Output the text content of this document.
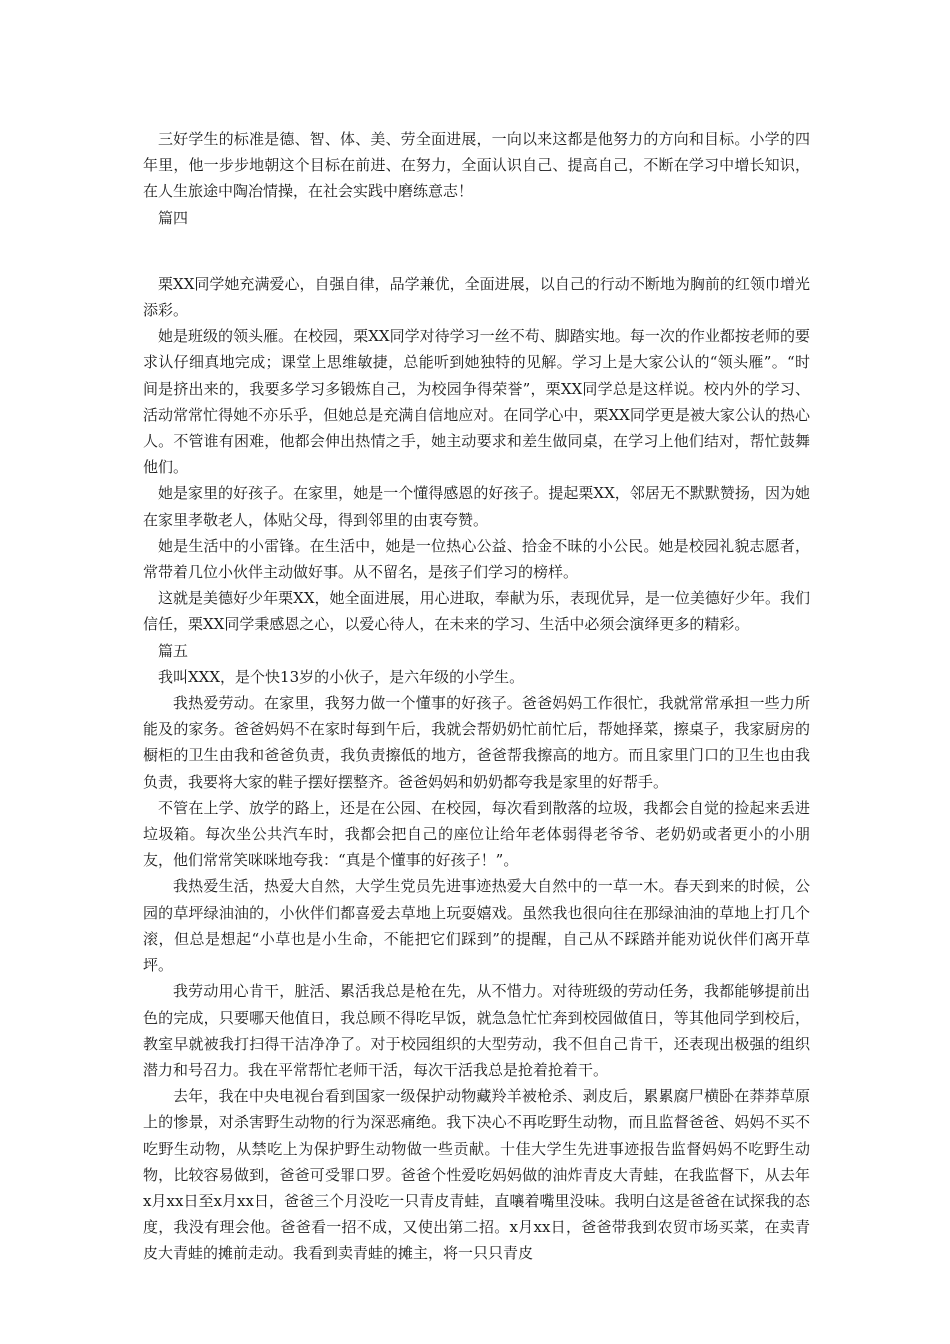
三好学生的标准是德、智、体、美、劳全面进展，一向以来这都是他努力的方向和目标。小学的四年里，他一步步地朝这个目标在前进、在努力，全面认识自己、提高自己，不断在学习中增长知识，在人生旅途中陶冶情操，在社会实践中磨练意志！

篇四

栗XX同学她充满爱心，自强自律，品学兼优，全面进展，以自己的行动不断地为胸前的红领巾增光添彩。

她是班级的领头雁。在校园，栗XX同学对待学习一丝不苟、脚踏实地。每一次的作业都按老师的要求认仔细真地完成；课堂上思维敏捷，总能听到她独特的见解。学习上是大家公认的“领头雁”。“时间是挤出来的，我要多学习多锻炼自己，为校园争得荣誉”，栗XX同学总是这样说。校内外的学习、活动常常忙得她不亦乐乎，但她总是充满自信地应对。在同学心中，栗XX同学更是被大家公认的热心人。不管谁有困难，他都会伸出热情之手，她主动要求和差生做同桌，在学习上他们结对，帮忙鼓舞他们。

她是家里的好孩子。在家里，她是一个懂得感恩的好孩子。提起栗XX，邻居无不默默赞扬，因为她在家里孝敬老人，体贴父母，得到邻里的由衷夸赞。

她是生活中的小雷锋。在生活中，她是一位热心公益、拾金不昧的小公民。她是校园礼貌志愿者，常带着几位小伙伴主动做好事。从不留名，是孩子们学习的榜样。

这就是美德好少年栗XX，她全面进展，用心进取，奉献为乐，表现优异，是一位美德好少年。我们信任，栗XX同学秉感恩之心，以爱心待人，在未来的学习、生活中必须会演绎更多的精彩。

篇五

我叫XXX，是个快13岁的小伙子，是六年级的小学生。

我热爱劳动。在家里，我努力做一个懂事的好孩子。爸爸妈妈工作很忙，我就常常承担一些力所能及的家务。爸爸妈妈不在家时每到午后，我就会帮奶奶忙前忙后，帮她择菜，擦桌子，我家厨房的橱柜的卫生由我和爸爸负责，我负责擦低的地方，爸爸帮我擦高的地方。而且家里门口的卫生也由我负责，我要将大家的鞋子摆好摆整齐。爸爸妈妈和奶奶都夸我是家里的好帮手。

不管在上学、放学的路上，还是在公园、在校园，每次看到散落的垃圾，我都会自觉的捡起来丢进垃圾箱。每次坐公共汽车时，我都会把自己的座位让给年老体弱得老爷爷、老奶奶或者更小的小朋友，他们常常笑咪咪地夸我：“真是个懂事的好孩子！”。

我热爱生活，热爱大自然，大学生党员先进事迹热爱大自然中的一草一木。春天到来的时候，公园的草坪绿油油的，小伙伴们都喜爱去草地上玩耍嬉戏。虽然我也很向往在那绿油油的草地上打几个滚，但总是想起“小草也是小生命，不能把它们踩到”的提醒，自己从不踩踏并能劝说伙伴们离开草坪。

我劳动用心肯干，脏活、累活我总是枪在先，从不惜力。对待班级的劳动任务，我都能够提前出色的完成，只要哪天他值日，我总顾不得吃早饭，就急急忙忙奔到校园做值日，等其他同学到校后，教室早就被我打扫得干洁净净了。对于校园组织的大型劳动，我不但自己肯干，还表现出极强的组织潜力和号召力。我在平常帮忙老师干活，每次干活我总是抢着抢着干。

去年，我在中央电视台看到国家一级保护动物藏羚羊被枪杀、剥皮后，累累腐尸横卧在莽莽草原上的惨景，对杀害野生动物的行为深恶痛绝。我下决心不再吃野生动物，而且监督爸爸、妈妈不买不吃野生动物，从禁吃上为保护野生动物做一些贡献。十佳大学生先进事迹报告监督妈妈不吃野生动物，比较容易做到，爸爸可受罪口罗。爸爸个性爱吃妈妈做的油炸青皮大青蛙，在我监督下，从去年x月xx日至x月xx日，爸爸三个月没吃一只青皮青蛙，直嚷着嘴里没味。我明白这是爸爸在试探我的态度，我没有理会他。爸爸看一招不成，又使出第二招。x月xx日，爸爸带我到农贸市场买菜，在卖青皮大青蛙的摊前走动。我看到卖青蛙的摊主，将一只只青皮
